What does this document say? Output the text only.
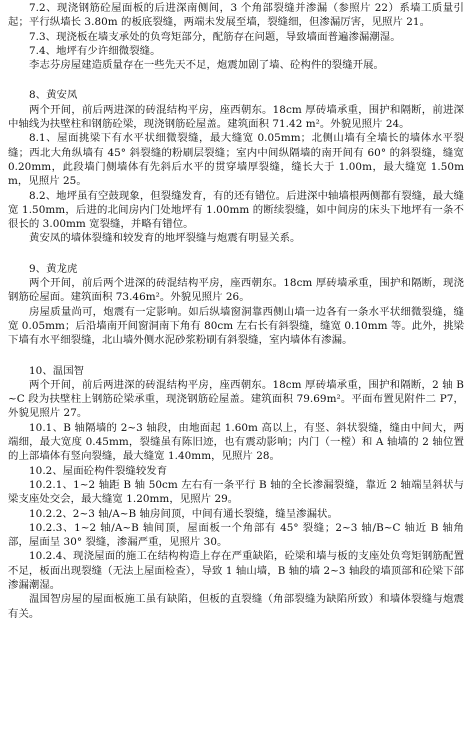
7.2、现浇钢筋砼屋面板的后进深南侧间，3 个角部裂缝并渗漏（参照片 22）系墙工质量引起；平行纵墙长 3.80m 的板底裂缝，两端未发展至墙，裂缝细，但渗漏厉害，见照片 21。

7.3、现浇板在墙支承处的负弯矩部分，配筋存在问题，导致墙面普遍渗漏潮湿。

7.4、地坪有少许细微裂缝。

李志芬房屋建造质量存在一些先天不足，炮震加剧了墙、砼构件的裂缝开展。

8、黄安凤

两个开间，前后两进深的砖混结构平房，座西朝东。18cm 厚砖墙承重，围护和隔断，前进深中轴线为扶壁柱和钢筋砼梁，现浇钢筋砼屋盖。建筑面积 71.42 m²。外貌见照片 24。

8.1、屋面挑梁下有水平状细微裂缝，最大缝宽 0.05mm；北侧山墙有全墙长的墙体水平裂缝；西北大角纵墙有 45° 斜裂缝的粉刷层裂缝；室内中间纵隔墙的南开间有 60° 的斜裂缝，缝宽 0.20mm，此段墙门侧墙体有先斜后水平的贯穿墙厚裂缝，缝长大于 1.00m，最大缝宽 1.50mm，见照片 25。

8.2、地坪虽有空鼓现象，但裂缝发育，有的还有错位。后进深中轴墙根两侧都有裂缝，最大缝宽 1.50mm，后进的北间房内门处地坪有 1.00mm 的断续裂缝，如中间房的床头下地坪有一条不很长的 3.00mm 宽裂缝，并略有错位。

黄安凤的墙体裂缝和较发育的地坪裂缝与炮震有明显关系。

9、黄龙虎

两个开间，前后两个进深的砖混结构平房，座西朝东。18cm 厚砖墙承重，围护和隔断，现浇钢筋砼屋面。建筑面积 73.46m²。外貌见照片 26。

房屋质量尚可，炮震有一定影响。如后纵墙窗洞靠西侧山墙一边各有一条水平状细微裂缝，缝宽 0.05mm；后沿墙南开间窗洞南下角有 80cm 左右长有斜裂缝，缝宽 0.10mm 等。此外，挑梁下墙有水平细裂缝，北山墙外侧水泥砂浆粉刷有斜裂缝，室内墙体有渗漏。

10、温国智

两个开间，前后两进深的砖混结构平房，座西朝东。18cm 厚砖墙承重，围护和隔断，2 轴 B~C 段为扶壁柱上钢筋砼梁承重，现浇钢筋砼屋盖。建筑面积 79.69m²。平面布置见附件二 P7，外貌见照片 27。

10.1、B 轴隔墙的 2~3 轴段，由地面起 1.60m 高以上，有竖、斜状裂缝，缝由中间大，两端细，最大宽度 0.45mm，裂缝虽有陈旧迹，也有震动影响；内门（一樘）和 A 轴墙的 2 轴位置的上部墙体有竖向裂缝，最大缝宽 1.40mm，见照片 28。

10.2、屋面砼构件裂缝较发育

10.2.1、1~2 轴距 B 轴 50cm 左右有一条平行 B 轴的全长渗漏裂缝，靠近 2 轴端呈斜状与梁支座处交会，最大缝宽 1.20mm，见照片 29。

10.2.2、2~3 轴/A~B 轴房间顶，中间有通长裂缝，缝呈渗漏状。

10.2.3、1~2 轴/A~B 轴间顶，屋面板一个角部有 45° 裂缝；2~3 轴/B~C 轴近 B 轴角部，屋面呈 30° 裂缝，渗漏严重，见照片 30。

10.2.4、现浇屋面的施工在结构构造上存在严重缺陷，砼梁和墙与板的支座处负弯矩钢筋配置不足，板面出现裂缝（无法上屋面检查），导致 1 轴山墙，B 轴的墙 2~3 轴段的墙顶部和砼梁下部渗漏潮湿。

温国智房屋的屋面板施工虽有缺陷，但板的直裂缝（角部裂缝为缺陷所致）和墙体裂缝与炮震有关。
